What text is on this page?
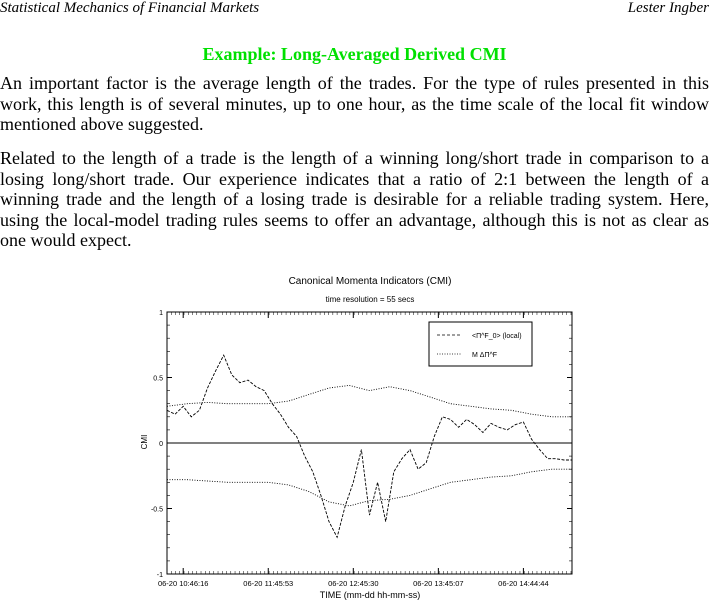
Statistical Mechanics of Financial Markets	Lester Ingber
Example: Long-Averaged Derived CMI

An important factor is the average length of the trades. For the type of rules presented in this work, this length is of several minutes, up to one hour, as the time scale of the local fit window mentioned above suggested.

Related to the length of a trade is the length of a winning long/short trade in comparison to a losing long/short trade. Our experience indicates that a ratio of 2:1 between the length of a winning trade and the length of a losing trade is desirable for a reliable trading system. Here, using the local-model trading rules seems to offer an advantage, although this is not as clear as one would expect.

Canonical Momenta Indicators (CMI)
time resolution = 55 secs
CMI
TIME (mm-dd hh-mm-ss)
-1
-0.5
0
0.5
1
06-20 10:46:16	06-20 11:45:53	06-20 12:45:30	06-20 13:45:07	06-20 14:44:44
<Π^F_0> (local)
M ΔΠ^F
